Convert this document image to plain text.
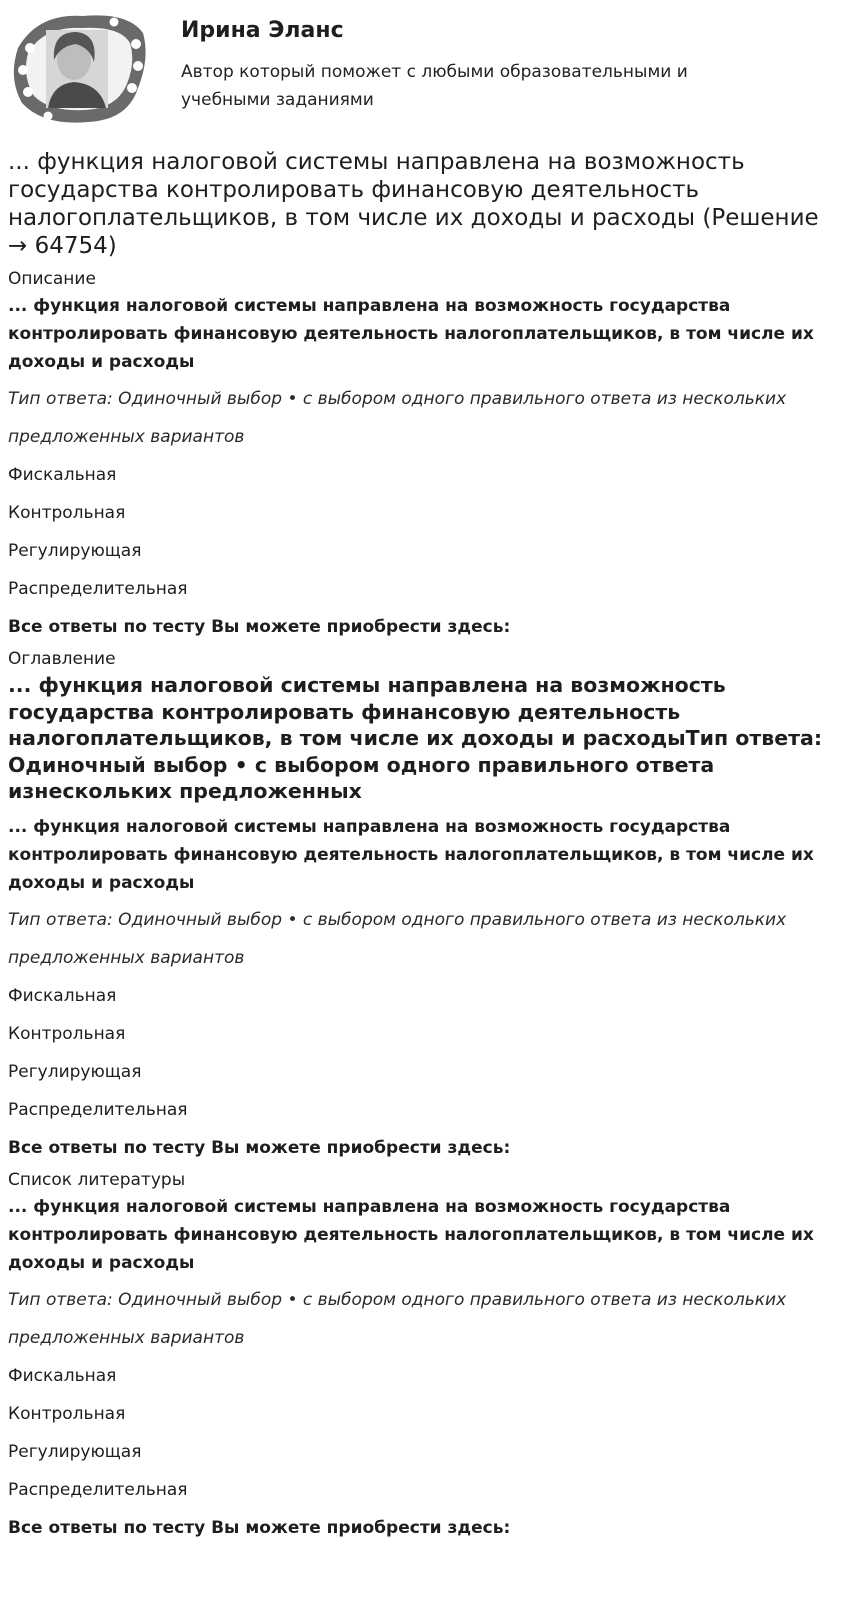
Ирина Эланс
Автор который поможет с любыми образовательными и учебными заданиями
... функция налоговой системы направлена на возможность государства контролировать финансовую деятельность налогоплательщиков, в том числе их доходы и расходы (Решение → 64754)

Описание

... функция налоговой системы направлена на возможность государства контролировать финансовую деятельность налогоплательщиков, в том числе их доходы и расходы

Тип ответа: Одиночный выбор • с выбором одного правильного ответа из нескольких предложенных вариантов

Фискальная

Контрольная

Регулирующая

Распределительная

Все ответы по тесту Вы можете приобрести здесь:

Оглавление

... функция налоговой системы направлена на возможность государства контролировать финансовую деятельность налогоплательщиков, в том числе их доходы и расходыТип ответа: Одиночный выбор • с выбором одного правильного ответа изнескольких предложенных

... функция налоговой системы направлена на возможность государства контролировать финансовую деятельность налогоплательщиков, в том числе их доходы и расходы

Тип ответа: Одиночный выбор • с выбором одного правильного ответа из нескольких предложенных вариантов

Фискальная

Контрольная

Регулирующая

Распределительная

Все ответы по тесту Вы можете приобрести здесь:

Список литературы

... функция налоговой системы направлена на возможность государства контролировать финансовую деятельность налогоплательщиков, в том числе их доходы и расходы

Тип ответа: Одиночный выбор • с выбором одного правильного ответа из нескольких предложенных вариантов

Фискальная

Контрольная

Регулирующая

Распределительная

Все ответы по тесту Вы можете приобрести здесь:
